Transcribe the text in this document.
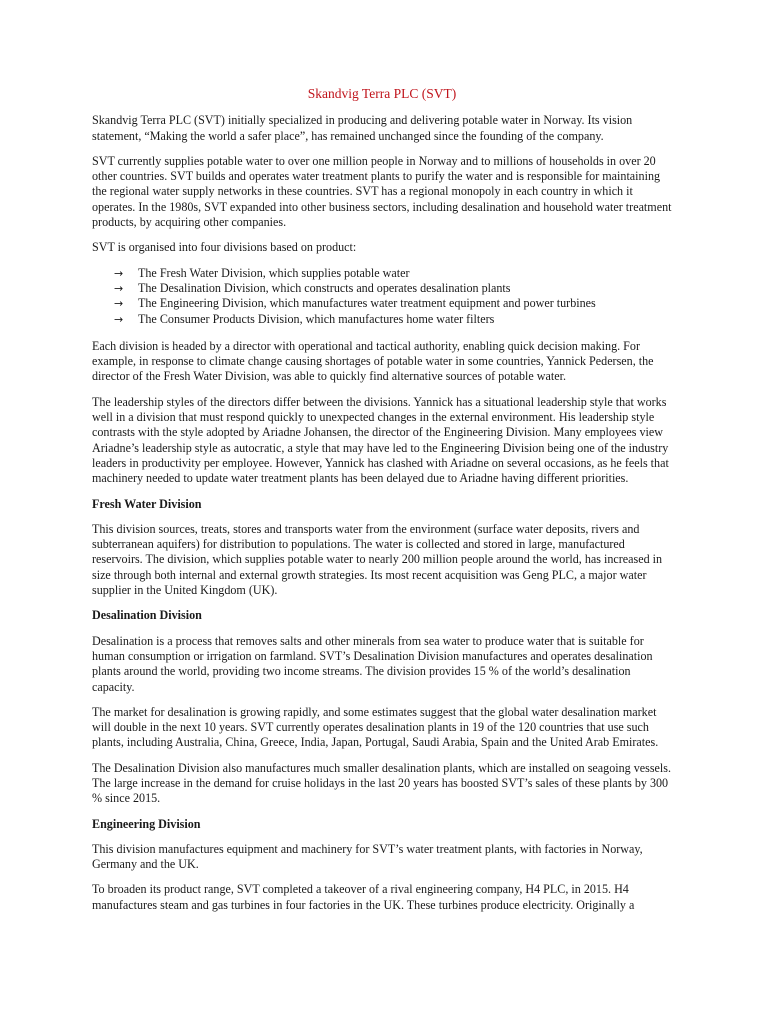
Skandvig Terra PLC (SVT)

Skandvig Terra PLC (SVT) initially specialized in producing and delivering potable water in Norway. Its vision statement, “Making the world a safer place”, has remained unchanged since the founding of the company.

SVT currently supplies potable water to over one million people in Norway and to millions of households in over 20 other countries. SVT builds and operates water treatment plants to purify the water and is responsible for maintaining the regional water supply networks in these countries. SVT has a regional monopoly in each country in which it operates. In the 1980s, SVT expanded into other business sectors, including desalination and household water treatment products, by acquiring other companies.

SVT is organised into four divisions based on product:

→	The Fresh Water Division, which supplies potable water
→	The Desalination Division, which constructs and operates desalination plants
→	The Engineering Division, which manufactures water treatment equipment and power turbines
→	The Consumer Products Division, which manufactures home water filters

Each division is headed by a director with operational and tactical authority, enabling quick decision making. For example, in response to climate change causing shortages of potable water in some countries, Yannick Pedersen, the director of the Fresh Water Division, was able to quickly find alternative sources of potable water.

The leadership styles of the directors differ between the divisions. Yannick has a situational leadership style that works well in a division that must respond quickly to unexpected changes in the external environment. His leadership style contrasts with the style adopted by Ariadne Johansen, the director of the Engineering Division. Many employees view Ariadne’s leadership style as autocratic, a style that may have led to the Engineering Division being one of the industry leaders in productivity per employee. However, Yannick has clashed with Ariadne on several occasions, as he feels that machinery needed to update water treatment plants has been delayed due to Ariadne having different priorities.

Fresh Water Division

This division sources, treats, stores and transports water from the environment (surface water deposits, rivers and subterranean aquifers) for distribution to populations. The water is collected and stored in large, manufactured reservoirs. The division, which supplies potable water to nearly 200 million people around the world, has increased in size through both internal and external growth strategies. Its most recent acquisition was Geng PLC, a major water supplier in the United Kingdom (UK).

Desalination Division

Desalination is a process that removes salts and other minerals from sea water to produce water that is suitable for human consumption or irrigation on farmland. SVT’s Desalination Division manufactures and operates desalination plants around the world, providing two income streams. The division provides 15 % of the world’s desalination capacity.

The market for desalination is growing rapidly, and some estimates suggest that the global water desalination market will double in the next 10 years. SVT currently operates desalination plants in 19 of the 120 countries that use such plants, including Australia, China, Greece, India, Japan, Portugal, Saudi Arabia, Spain and the United Arab Emirates.

The Desalination Division also manufactures much smaller desalination plants, which are installed on seagoing vessels. The large increase in the demand for cruise holidays in the last 20 years has boosted SVT’s sales of these plants by 300 % since 2015.

Engineering Division

This division manufactures equipment and machinery for SVT’s water treatment plants, with factories in Norway, Germany and the UK.

To broaden its product range, SVT completed a takeover of a rival engineering company, H4 PLC, in 2015. H4 manufactures steam and gas turbines in four factories in the UK. These turbines produce electricity. Originally a
